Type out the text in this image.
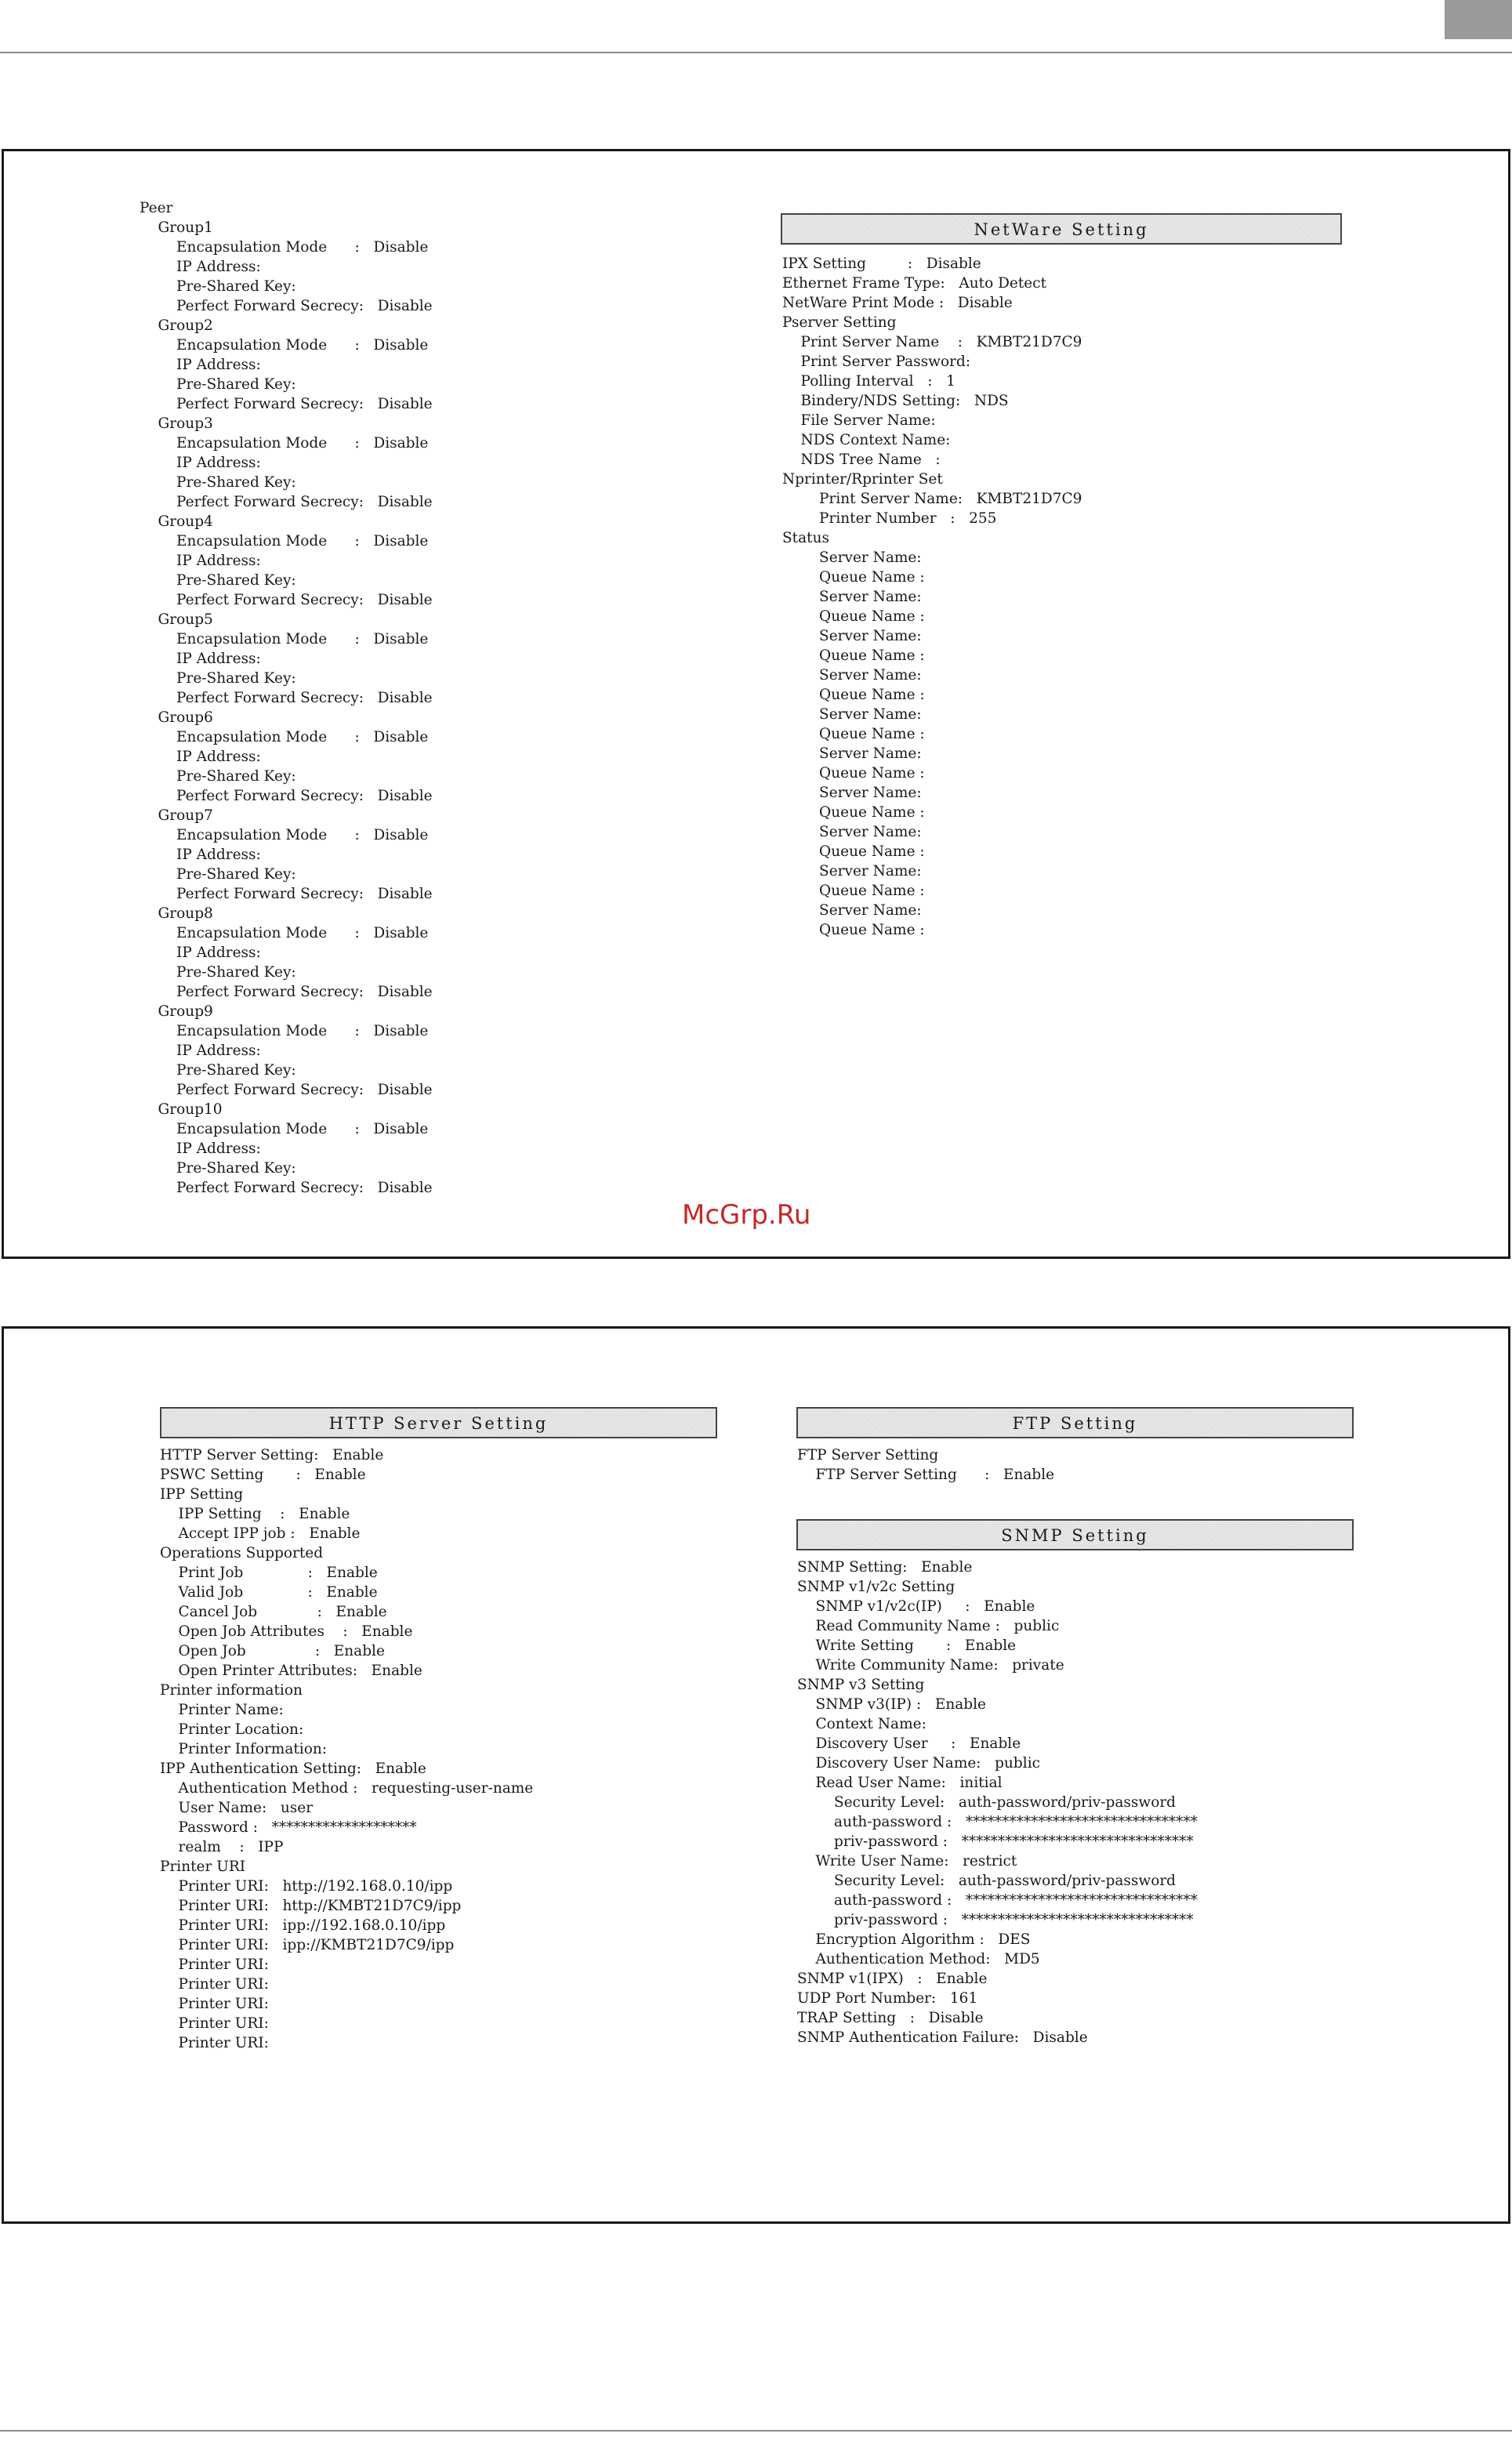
Peer
Group1
Encapsulation Mode      :   Disable
IP Address:
Pre-Shared Key:
Perfect Forward Secrecy:   Disable
Group2
Encapsulation Mode      :   Disable
IP Address:
Pre-Shared Key:
Perfect Forward Secrecy:   Disable
Group3
Encapsulation Mode      :   Disable
IP Address:
Pre-Shared Key:
Perfect Forward Secrecy:   Disable
Group4
Encapsulation Mode      :   Disable
IP Address:
Pre-Shared Key:
Perfect Forward Secrecy:   Disable
Group5
Encapsulation Mode      :   Disable
IP Address:
Pre-Shared Key:
Perfect Forward Secrecy:   Disable
Group6
Encapsulation Mode      :   Disable
IP Address:
Pre-Shared Key:
Perfect Forward Secrecy:   Disable
Group7
Encapsulation Mode      :   Disable
IP Address:
Pre-Shared Key:
Perfect Forward Secrecy:   Disable
Group8
Encapsulation Mode      :   Disable
IP Address:
Pre-Shared Key:
Perfect Forward Secrecy:   Disable
Group9
Encapsulation Mode      :   Disable
IP Address:
Pre-Shared Key:
Perfect Forward Secrecy:   Disable
Group10
Encapsulation Mode      :   Disable
IP Address:
Pre-Shared Key:
Perfect Forward Secrecy:   Disable
NetWare Setting
IPX Setting         :   Disable
Ethernet Frame Type:   Auto Detect
NetWare Print Mode :   Disable
Pserver Setting
Print Server Name    :   KMBT21D7C9
Print Server Password:
Polling Interval   :   1
Bindery/NDS Setting:   NDS
File Server Name:
NDS Context Name:
NDS Tree Name   :
Nprinter/Rprinter Set
Print Server Name:   KMBT21D7C9
Printer Number   :   255
Status
Server Name:
Queue Name :
Server Name:
Queue Name :
Server Name:
Queue Name :
Server Name:
Queue Name :
Server Name:
Queue Name :
Server Name:
Queue Name :
Server Name:
Queue Name :
Server Name:
Queue Name :
Server Name:
Queue Name :
Server Name:
Queue Name :
McGrp.Ru
HTTP Server Setting
HTTP Server Setting:   Enable
PSWC Setting       :   Enable
IPP Setting
IPP Setting    :   Enable
Accept IPP job :   Enable
Operations Supported
Print Job              :   Enable
Valid Job              :   Enable
Cancel Job             :   Enable
Open Job Attributes    :   Enable
Open Job               :   Enable
Open Printer Attributes:   Enable
Printer information
Printer Name:
Printer Location:
Printer Information:
IPP Authentication Setting:   Enable
Authentication Method :   requesting-user-name
User Name:   user
Password :   ********************
realm    :   IPP
Printer URI
Printer URI:   http://192.168.0.10/ipp
Printer URI:   http://KMBT21D7C9/ipp
Printer URI:   ipp://192.168.0.10/ipp
Printer URI:   ipp://KMBT21D7C9/ipp
Printer URI:
Printer URI:
Printer URI:
Printer URI:
Printer URI:
FTP Setting
FTP Server Setting
FTP Server Setting      :   Enable
SNMP Setting
SNMP Setting:   Enable
SNMP v1/v2c Setting
SNMP v1/v2c(IP)     :   Enable
Read Community Name :   public
Write Setting       :   Enable
Write Community Name:   private
SNMP v3 Setting
SNMP v3(IP) :   Enable
Context Name:
Discovery User     :   Enable
Discovery User Name:   public
Read User Name:   initial
Security Level:   auth-password/priv-password
auth-password :   ********************************
priv-password :   ********************************
Write User Name:   restrict
Security Level:   auth-password/priv-password
auth-password :   ********************************
priv-password :   ********************************
Encryption Algorithm :   DES
Authentication Method:   MD5
SNMP v1(IPX)   :   Enable
UDP Port Number:   161
TRAP Setting   :   Disable
SNMP Authentication Failure:   Disable
